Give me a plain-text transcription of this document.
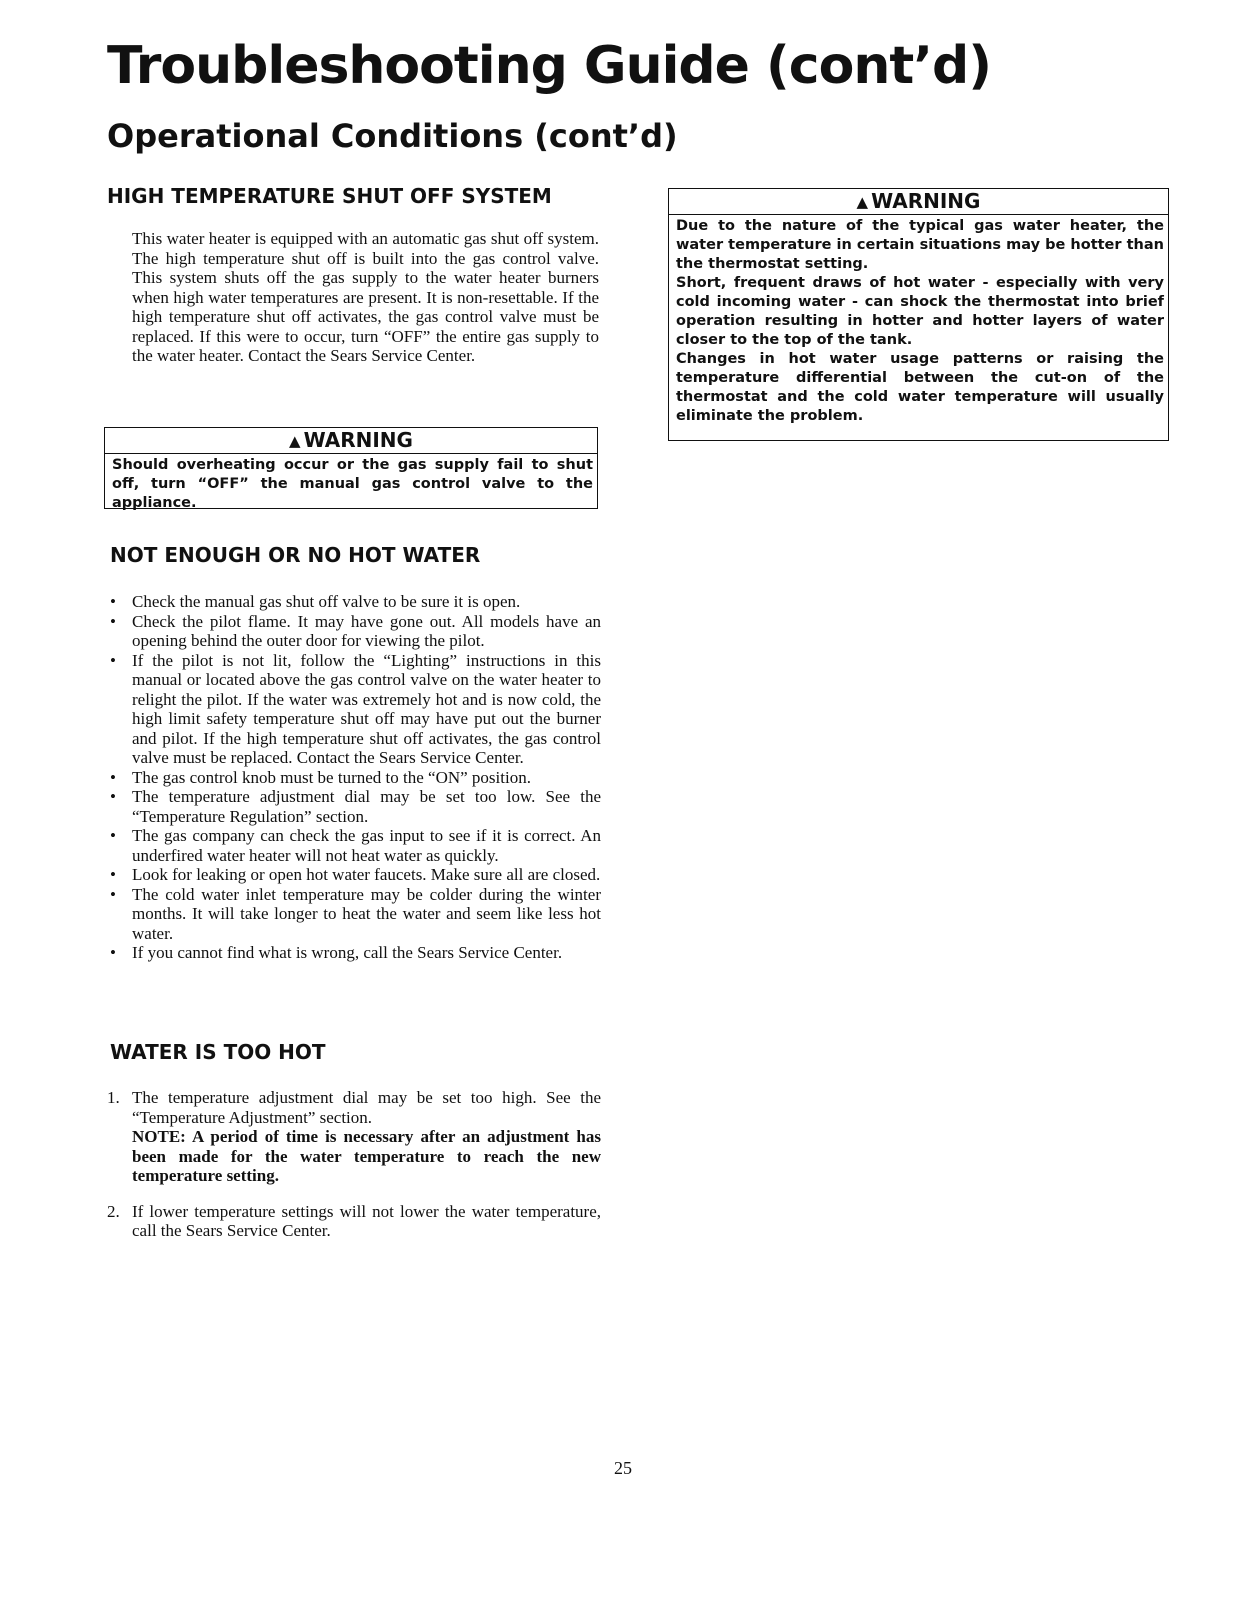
Troubleshooting Guide (cont’d)
Operational Conditions (cont’d)
HIGH TEMPERATURE SHUT OFF SYSTEM

This water heater is equipped with an automatic gas shut off system. The high temperature shut off is built into the gas control valve. This system shuts off the gas supply to the water heater burners when high water temperatures are present. It is non-resettable. If the high temperature shut off activates, the gas control valve must be replaced. If this were to occur, turn “OFF” the entire gas supply to the water heater. Contact the Sears Service Center.

▲ WARNING

Should overheating occur or the gas supply fail to shut off, turn “OFF” the manual gas control valve to the appliance.

▲ WARNING

Due to the nature of the typical gas water heater, the water temperature in certain situations may be hotter than the thermostat setting.

Short, frequent draws of hot water - especially with very cold incoming water - can shock the thermostat into brief operation resulting in hotter and hotter layers of water closer to the top of the tank.

Changes in hot water usage patterns or raising the temperature differential between the cut-on of the thermostat and the cold water temperature will usually eliminate the problem.

NOT ENOUGH OR NO HOT WATER
• Check the manual gas shut off valve to be sure it is open.
• Check the pilot flame. It may have gone out. All models have an opening behind the outer door for viewing the pilot.
• If the pilot is not lit, follow the “Lighting” instructions in this manual or located above the gas control valve on the water heater to relight the pilot. If the water was extremely hot and is now cold, the high limit safety temperature shut off may have put out the burner and pilot. If the high temperature shut off activates, the gas control valve must be replaced. Contact the Sears Service Center.
• The gas control knob must be turned to the “ON” position.
• The temperature adjustment dial may be set too low. See the “Temperature Regulation” section.
• The gas company can check the gas input to see if it is correct. An underfired water heater will not heat water as quickly.
• Look for leaking or open hot water faucets. Make sure all are closed.
• The cold water inlet temperature may be colder during the winter months. It will take longer to heat the water and seem like less hot water.
• If you cannot find what is wrong, call the Sears Service Center.
WATER IS TOO HOT
1. The temperature adjustment dial may be set too high. See the “Temperature Adjustment” section.
NOTE: A period of time is necessary after an adjustment has been made for the water temperature to reach the new temperature setting.
2. If lower temperature settings will not lower the water temperature, call the Sears Service Center.
25
